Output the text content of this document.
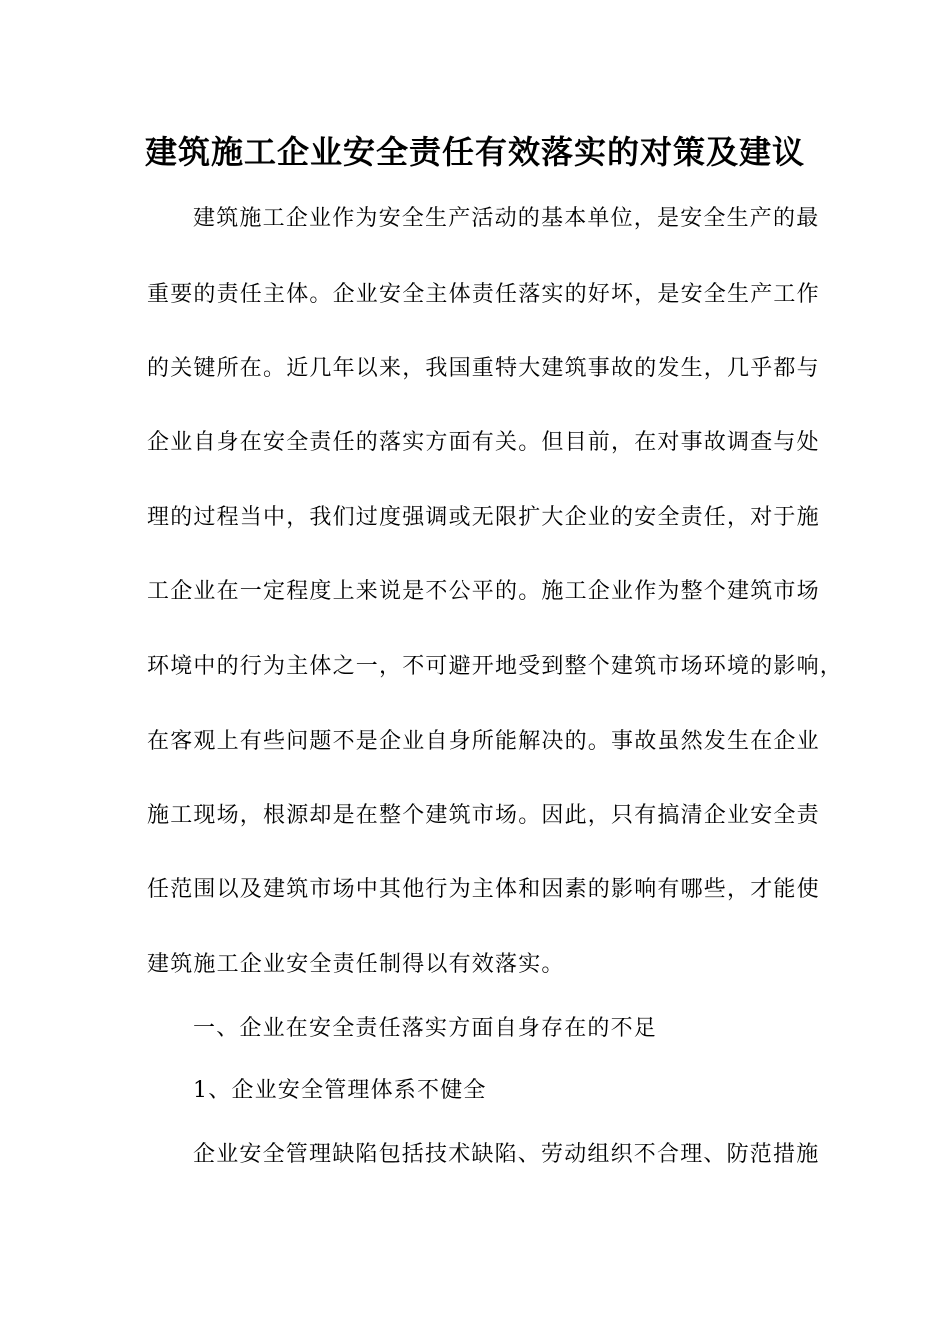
建筑施工企业安全责任有效落实的对策及建议
建筑施工企业作为安全生产活动的基本单位，是安全生产的最
重要的责任主体。企业安全主体责任落实的好坏，是安全生产工作
的关键所在。近几年以来，我国重特大建筑事故的发生，几乎都与
企业自身在安全责任的落实方面有关。但目前，在对事故调查与处
理的过程当中，我们过度强调或无限扩大企业的安全责任，对于施
工企业在一定程度上来说是不公平的。施工企业作为整个建筑市场
环境中的行为主体之一，不可避开地受到整个建筑市场环境的影响，
在客观上有些问题不是企业自身所能解决的。事故虽然发生在企业
施工现场，根源却是在整个建筑市场。因此，只有搞清企业安全责
任范围以及建筑市场中其他行为主体和因素的影响有哪些，才能使
建筑施工企业安全责任制得以有效落实。
一、企业在安全责任落实方面自身存在的不足
1、企业安全管理体系不健全
企业安全管理缺陷包括技术缺陷、劳动组织不合理、防范措施
